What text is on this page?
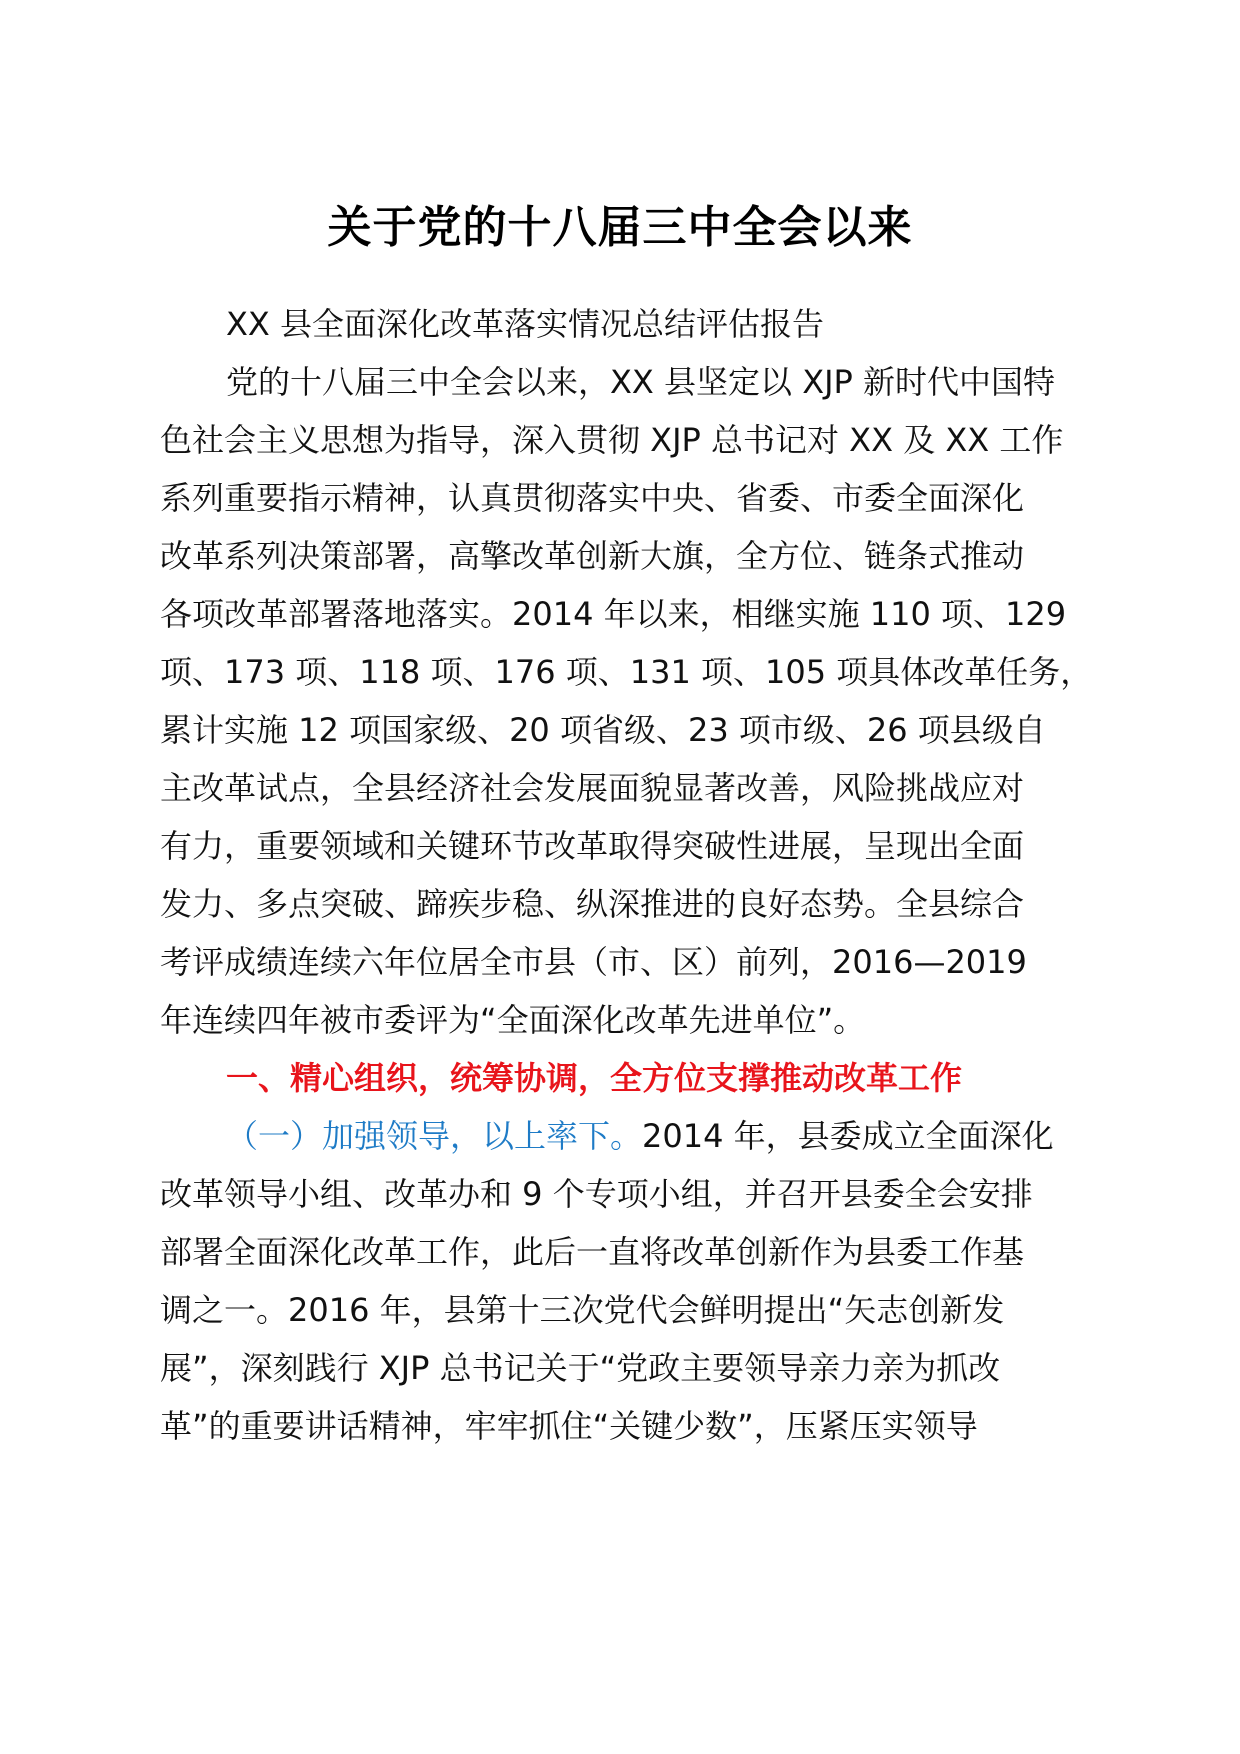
关于党的十八届三中全会以来
XX 县全面深化改革落实情况总结评估报告
党的十八届三中全会以来，XX 县坚定以 XJP 新时代中国特
色社会主义思想为指导，深入贯彻 XJP 总书记对 XX 及 XX 工作
系列重要指示精神，认真贯彻落实中央、省委、市委全面深化
改革系列决策部署，高擎改革创新大旗，全方位、链条式推动
各项改革部署落地落实。2014 年以来，相继实施 110 项、129
项、173 项、118 项、176 项、131 项、105 项具体改革任务，
累计实施 12 项国家级、20 项省级、23 项市级、26 项县级自
主改革试点，全县经济社会发展面貌显著改善，风险挑战应对
有力，重要领域和关键环节改革取得突破性进展，呈现出全面
发力、多点突破、蹄疾步稳、纵深推进的良好态势。全县综合
考评成绩连续六年位居全市县（市、区）前列，2016—2019
年连续四年被市委评为“全面深化改革先进单位”。
一、精心组织，统筹协调，全方位支撑推动改革工作
（一）加强领导，以上率下。2014 年，县委成立全面深化
改革领导小组、改革办和 9 个专项小组，并召开县委全会安排
部署全面深化改革工作，此后一直将改革创新作为县委工作基
调之一。2016 年，县第十三次党代会鲜明提出“矢志创新发
展”，深刻践行 XJP 总书记关于“党政主要领导亲力亲为抓改
革”的重要讲话精神，牢牢抓住“关键少数”，压紧压实领导
